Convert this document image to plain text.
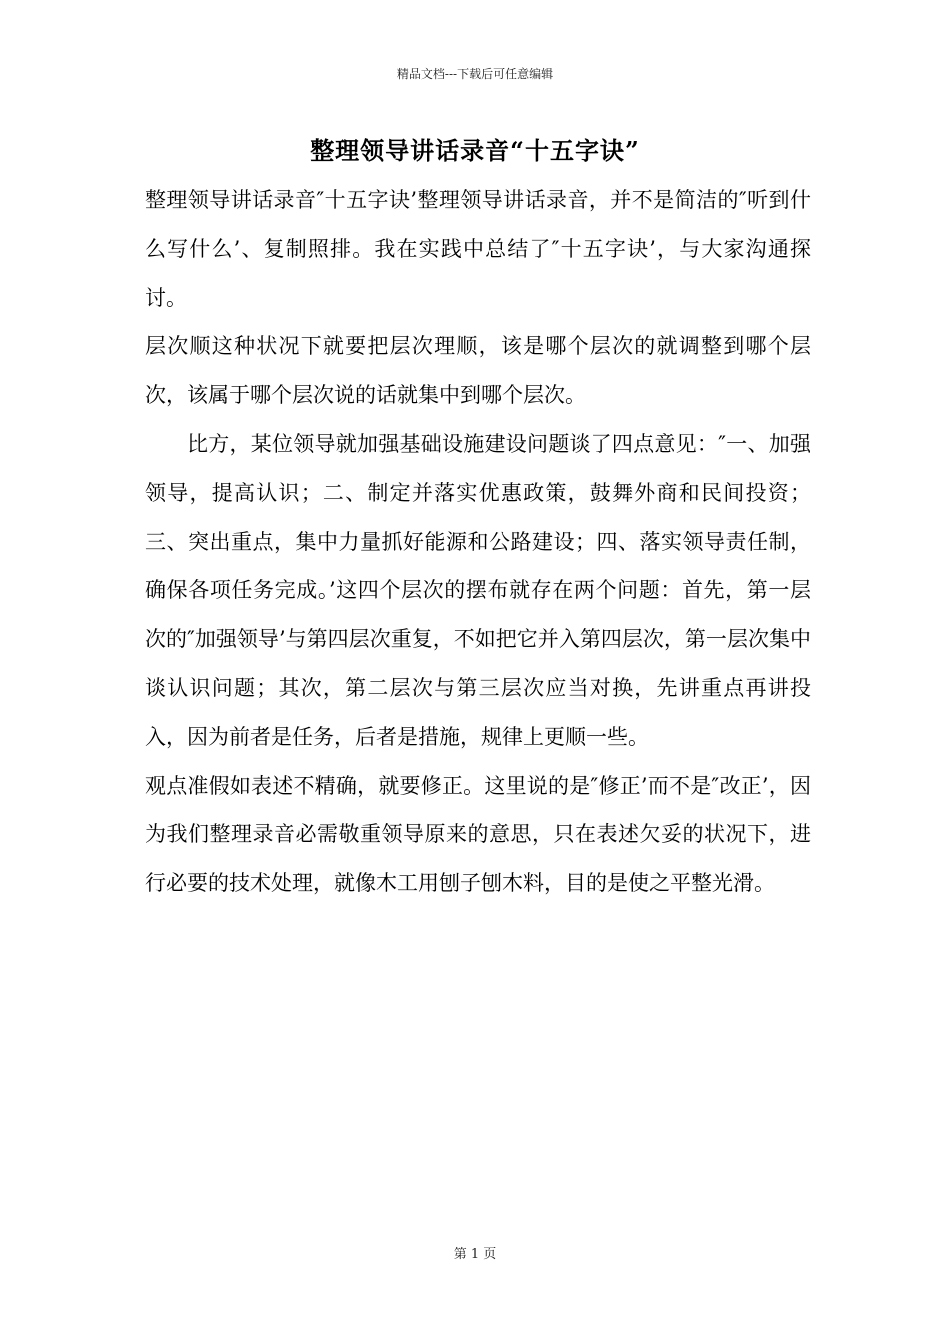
精品文档---下载后可任意编辑
整理领导讲话录音“十五字诀”

整理领导讲话录音″十五字诀’整理领导讲话录音，并不是简洁的″听到什么写什么’、复制照排。我在实践中总结了″十五字诀’，与大家沟通探讨。

层次顺这种状况下就要把层次理顺，该是哪个层次的就调整到哪个层次，该属于哪个层次说的话就集中到哪个层次。

比方，某位领导就加强基础设施建设问题谈了四点意见：″一、加强领导，提高认识；二、制定并落实优惠政策，鼓舞外商和民间投资；三、突出重点，集中力量抓好能源和公路建设；四、落实领导责任制，确保各项任务完成。’这四个层次的摆布就存在两个问题：首先，第一层次的″加强领导’与第四层次重复，不如把它并入第四层次，第一层次集中谈认识问题；其次，第二层次与第三层次应当对换，先讲重点再讲投入，因为前者是任务，后者是措施，规律上更顺一些。

观点准假如表述不精确，就要修正。这里说的是″修正’而不是″改正’，因为我们整理录音必需敬重领导原来的意思，只在表述欠妥的状况下，进行必要的技术处理，就像木工用刨子刨木料，目的是使之平整光滑。

第 1 页
